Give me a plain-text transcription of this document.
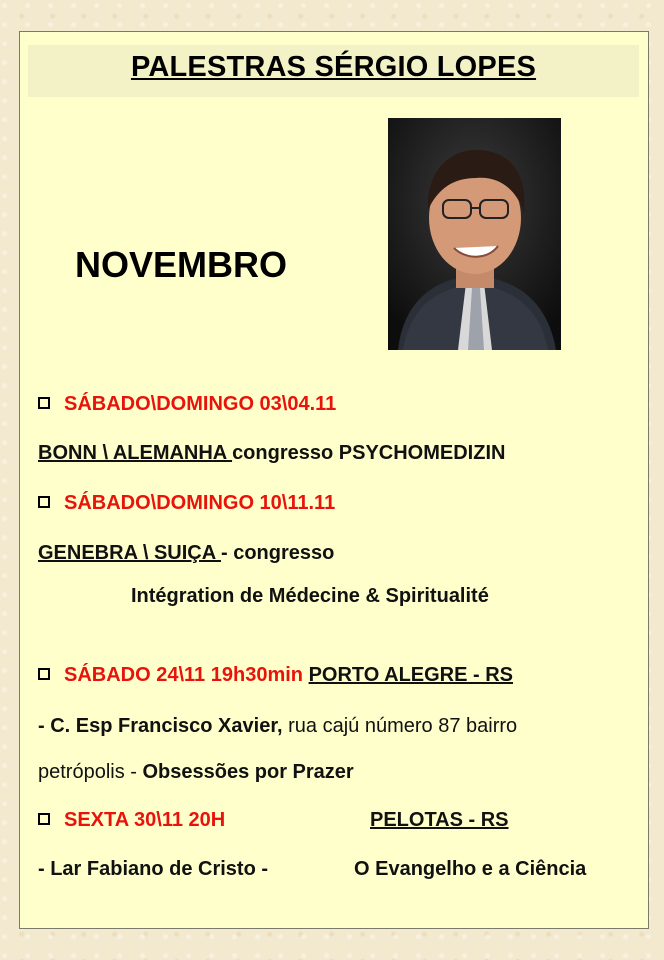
PALESTRAS SÉRGIO LOPES
NOVEMBRO
SÁBADO\DOMINGO 03\04.11
BONN \ ALEMANHA congresso PSYCHOMEDIZIN
SÁBADO\DOMINGO 10\11.11
GENEBRA \ SUIÇA - congresso
Intégration de Médecine & Spiritualité
SÁBADO 24\11 19h30min PORTO ALEGRE - RS
- C. Esp Francisco Xavier, rua cajú número 87 bairro
petrópolis - Obsessões por Prazer
SEXTA 30\11 20H	PELOTAS - RS
- Lar Fabiano de Cristo -	O Evangelho e a Ciência
